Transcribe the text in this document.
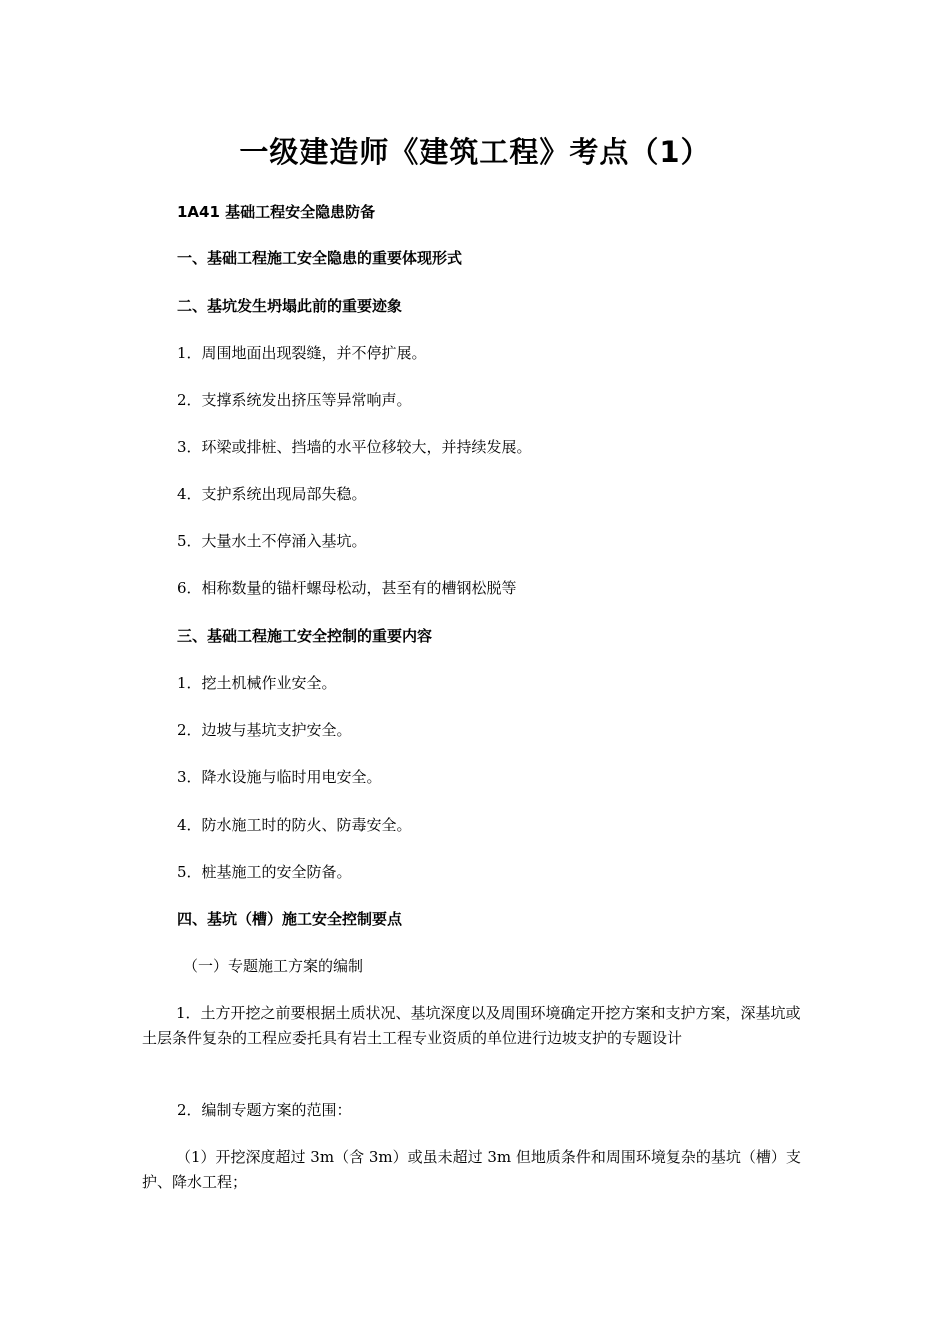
一级建造师《建筑工程》考点（1）
1A41 基础工程安全隐患防备
一、基础工程施工安全隐患的重要体现形式
二、基坑发生坍塌此前的重要迹象
1．周围地面出现裂缝，并不停扩展。
2．支撑系统发出挤压等异常响声。
3．环梁或排桩、挡墙的水平位移较大，并持续发展。
4．支护系统出现局部失稳。
5．大量水土不停涌入基坑。
6．相称数量的锚杆螺母松动，甚至有的槽钢松脱等
三、基础工程施工安全控制的重要内容
1．挖土机械作业安全。
2．边坡与基坑支护安全。
3．降水设施与临时用电安全。
4．防水施工时的防火、防毒安全。
5．桩基施工的安全防备。
四、基坑（槽）施工安全控制要点
（一）专题施工方案的编制
1．土方开挖之前要根据土质状况、基坑深度以及周围环境确定开挖方案和支护方案，深基坑或土层条件复杂的工程应委托具有岩土工程专业资质的单位进行边坡支护的专题设计
2．编制专题方案的范围：
（1）开挖深度超过 3m（含 3m）或虽未超过 3m 但地质条件和周围环境复杂的基坑（槽）支护、降水工程；
